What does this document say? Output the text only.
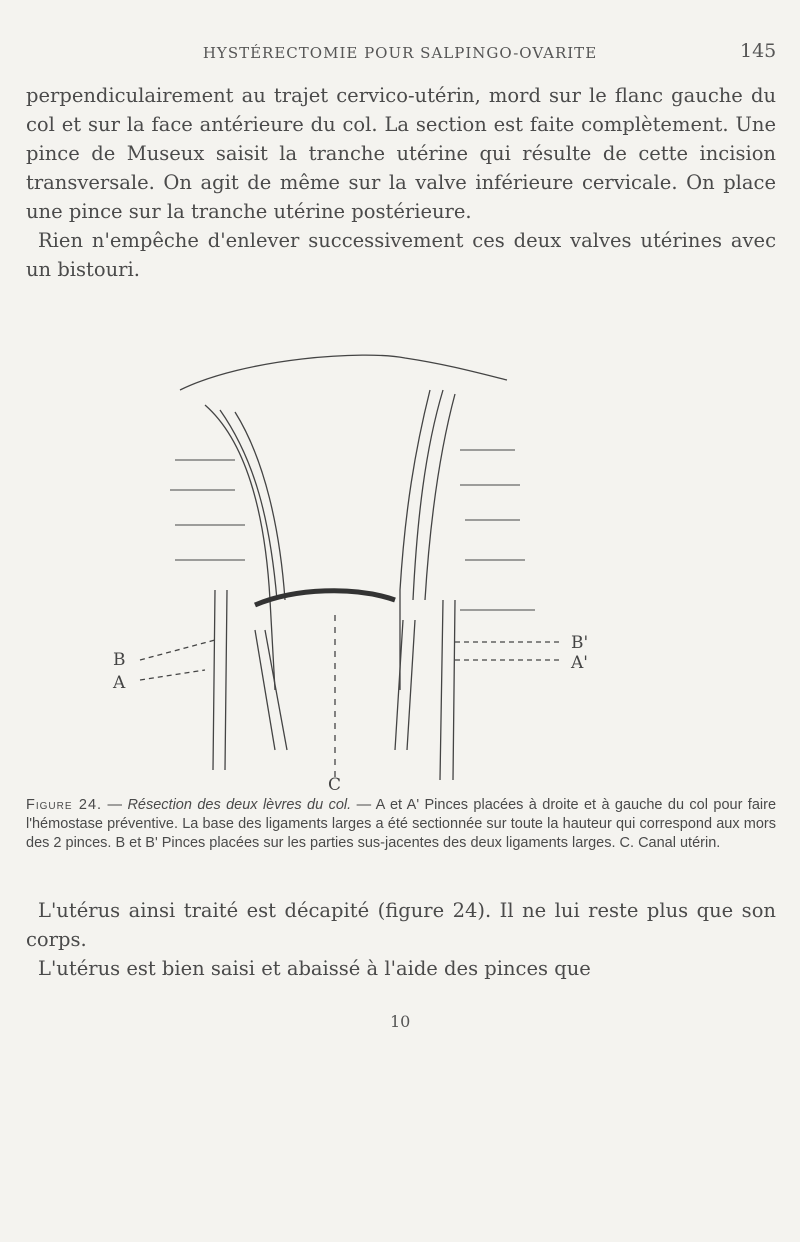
HYSTÉRECTOMIE POUR SALPINGO-OVARITE	145

perpendiculairement au trajet cervico-utérin, mord sur le flanc gauche du col et sur la face antérieure du col. La section est faite complètement. Une pince de Museux saisit la tranche utérine qui résulte de cette incision transversale. On agit de même sur la valve inférieure cervicale. On place une pince sur la tranche utérine postérieure.

Rien n'empêche d'enlever successivement ces deux valves utérines avec un bistouri.

B
A
B'
A'
C
Figure 24. — Résection des deux lèvres du col. — A et A' Pinces placées à droite et à gauche du col pour faire l'hémostase préventive. La base des ligaments larges a été sectionnée sur toute la hauteur qui correspond aux mors des 2 pinces. B et B' Pinces placées sur les parties sus-jacentes des deux ligaments larges. C. Canal utérin.

L'utérus ainsi traité est décapité (figure 24). Il ne lui reste plus que son corps.

L'utérus est bien saisi et abaissé à l'aide des pinces que

10
